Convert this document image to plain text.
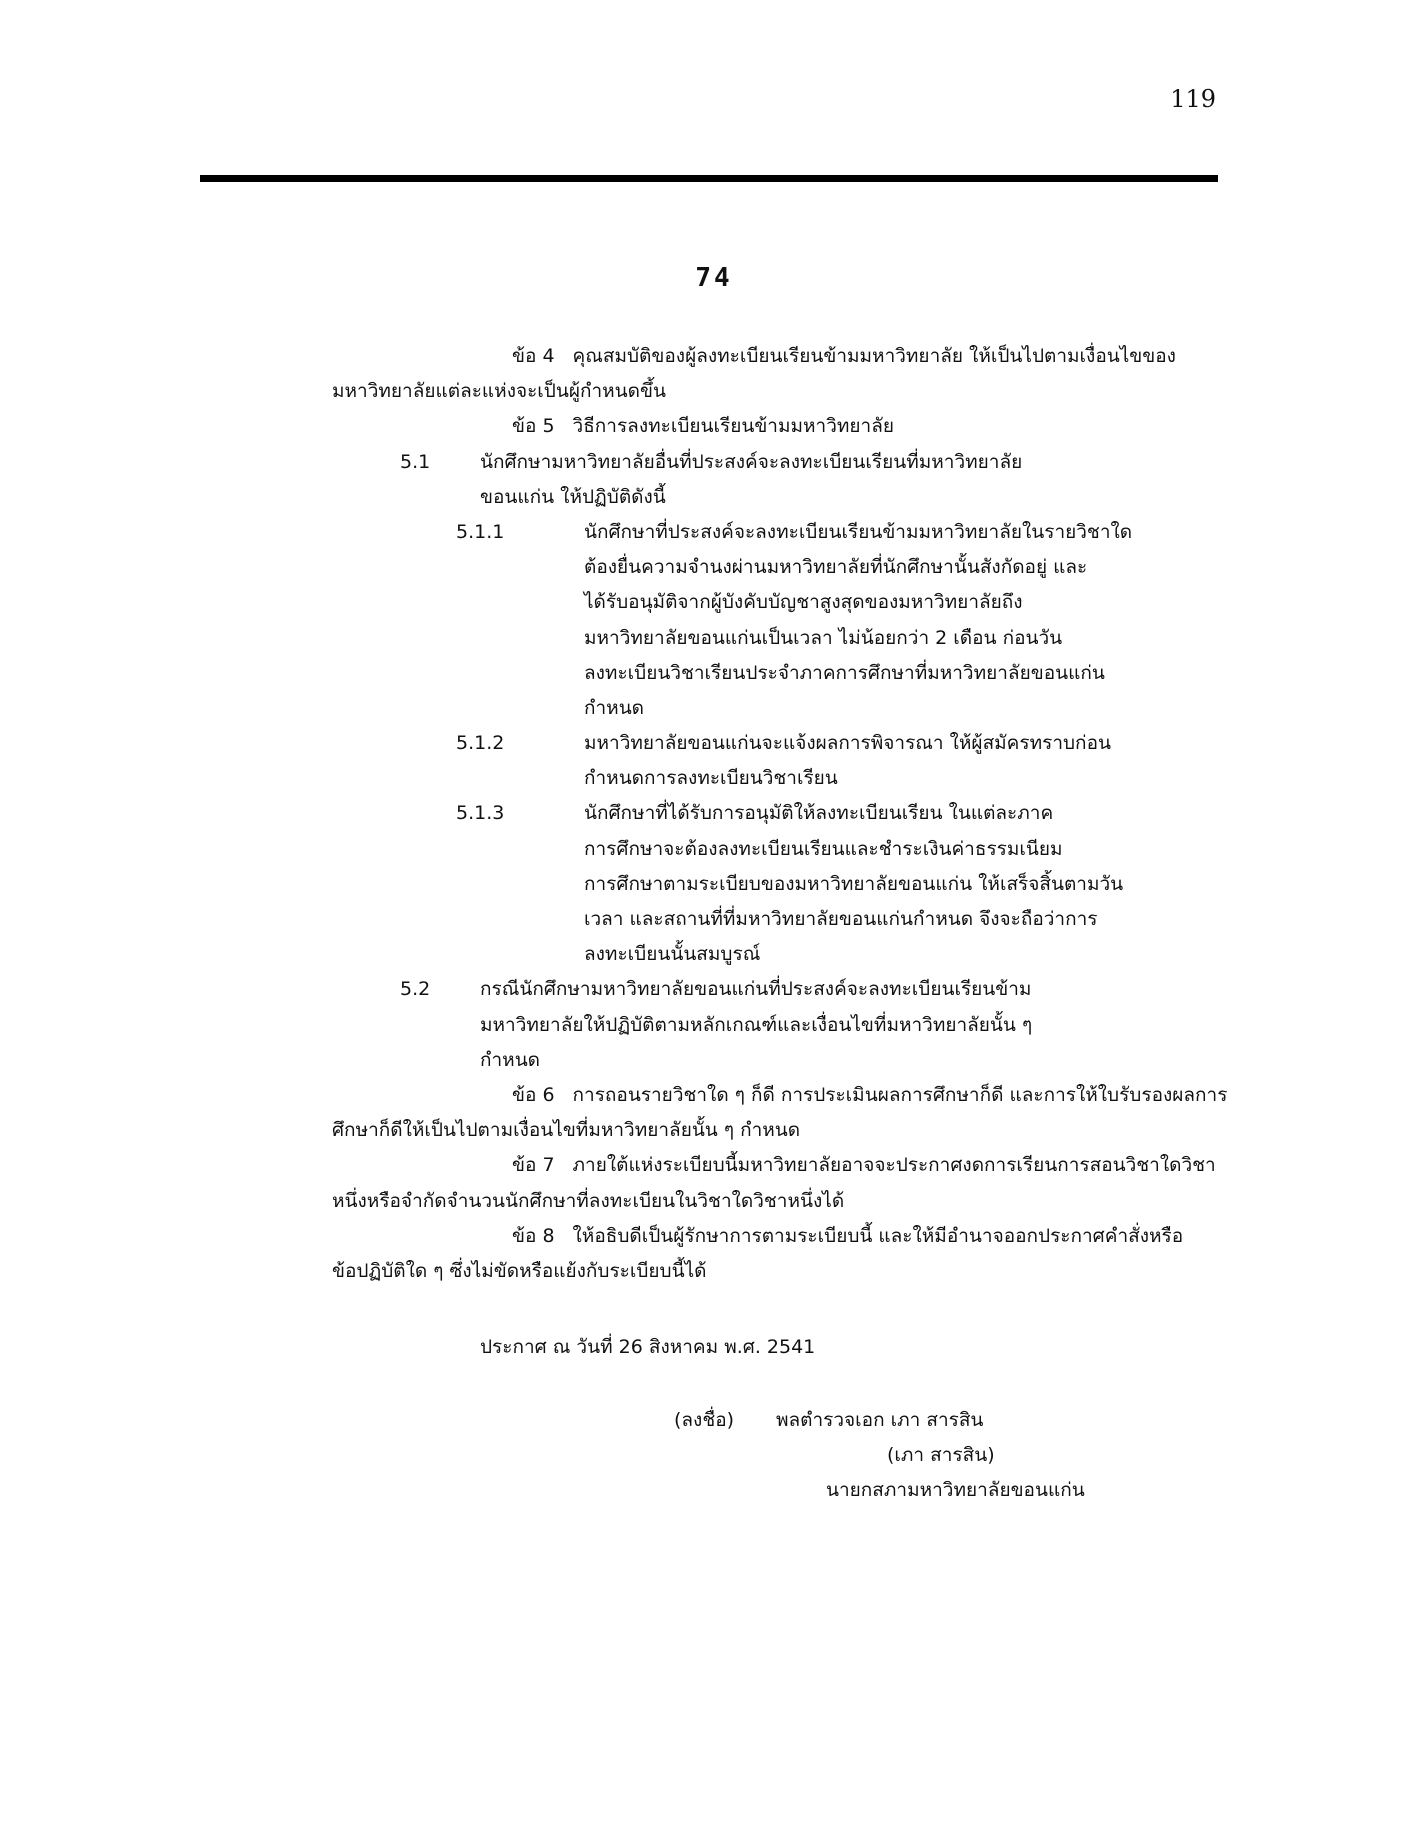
119
74
ข้อ 4 คุณสมบัติของผู้ลงทะเบียนเรียนข้ามมหาวิทยาลัย ให้เป็นไปตามเงื่อนไขของ
มหาวิทยาลัยแต่ละแห่งจะเป็นผู้กำหนดขึ้น
ข้อ 5 วิธีการลงทะเบียนเรียนข้ามมหาวิทยาลัย
5.1	นักศึกษามหาวิทยาลัยอื่นที่ประสงค์จะลงทะเบียนเรียนที่มหาวิทยาลัย
ขอนแก่น ให้ปฏิบัติดังนี้
5.1.1	นักศึกษาที่ประสงค์จะลงทะเบียนเรียนข้ามมหาวิทยาลัยในรายวิชาใด
ต้องยื่นความจำนงผ่านมหาวิทยาลัยที่นักศึกษานั้นสังกัดอยู่ และ
ได้รับอนุมัติจากผู้บังคับบัญชาสูงสุดของมหาวิทยาลัยถึง
มหาวิทยาลัยขอนแก่นเป็นเวลา ไม่น้อยกว่า 2 เดือน ก่อนวัน
ลงทะเบียนวิชาเรียนประจำภาคการศึกษาที่มหาวิทยาลัยขอนแก่น
กำหนด
5.1.2	มหาวิทยาลัยขอนแก่นจะแจ้งผลการพิจารณา ให้ผู้สมัครทราบก่อน
กำหนดการลงทะเบียนวิชาเรียน
5.1.3	นักศึกษาที่ได้รับการอนุมัติให้ลงทะเบียนเรียน ในแต่ละภาค
การศึกษาจะต้องลงทะเบียนเรียนและชำระเงินค่าธรรมเนียม
การศึกษาตามระเบียบของมหาวิทยาลัยขอนแก่น ให้เสร็จสิ้นตามวัน
เวลา และสถานที่ที่มหาวิทยาลัยขอนแก่นกำหนด จึงจะถือว่าการ
ลงทะเบียนนั้นสมบูรณ์
5.2	กรณีนักศึกษามหาวิทยาลัยขอนแก่นที่ประสงค์จะลงทะเบียนเรียนข้าม
มหาวิทยาลัยให้ปฏิบัติตามหลักเกณฑ์และเงื่อนไขที่มหาวิทยาลัยนั้น ๆ
กำหนด
ข้อ 6 การถอนรายวิชาใด ๆ ก็ดี การประเมินผลการศึกษาก็ดี และการให้ใบรับรองผลการ
ศึกษาก็ดีให้เป็นไปตามเงื่อนไขที่มหาวิทยาลัยนั้น ๆ กำหนด
ข้อ 7 ภายใต้แห่งระเบียบนี้มหาวิทยาลัยอาจจะประกาศงดการเรียนการสอนวิชาใดวิชา
หนึ่งหรือจำกัดจำนวนนักศึกษาที่ลงทะเบียนในวิชาใดวิชาหนึ่งได้
ข้อ 8 ให้อธิบดีเป็นผู้รักษาการตามระเบียบนี้ และให้มีอำนาจออกประกาศคำสั่งหรือ
ข้อปฏิบัติใด ๆ ซึ่งไม่ขัดหรือแย้งกับระเบียบนี้ได้
ประกาศ ณ วันที่ 26 สิงหาคม พ.ศ. 2541
(ลงชื่อ) พลตำรวจเอก เภา สารสิน
(เภา สารสิน)
นายกสภามหาวิทยาลัยขอนแก่น
